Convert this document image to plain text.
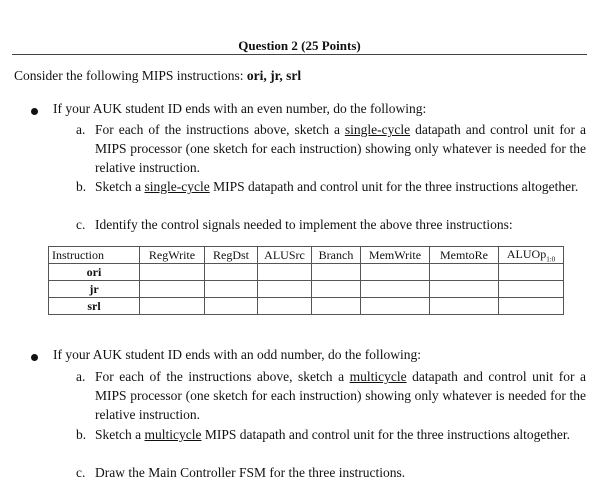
Question 2 (25 Points)
Consider the following MIPS instructions: ori, jr, srl
If your AUK student ID ends with an even number, do the following:
a. For each of the instructions above, sketch a single-cycle datapath and control unit for a MIPS processor (one sketch for each instruction) showing only whatever is needed for the relative instruction.
b. Sketch a single-cycle MIPS datapath and control unit for the three instructions altogether.
c. Identify the control signals needed to implement the above three instructions:
Instruction	RegWrite	RegDst	ALUSrc	Branch	MemWrite	MemtoRe	ALUOp$_{1:0}$
ori							
jr							
srl							
If your AUK student ID ends with an odd number, do the following:
a. For each of the instructions above, sketch a multicycle datapath and control unit for a MIPS processor (one sketch for each instruction) showing only whatever is needed for the relative instruction.
b. Sketch a multicycle MIPS datapath and control unit for the three instructions altogether.
c. Draw the Main Controller FSM for the three instructions.
